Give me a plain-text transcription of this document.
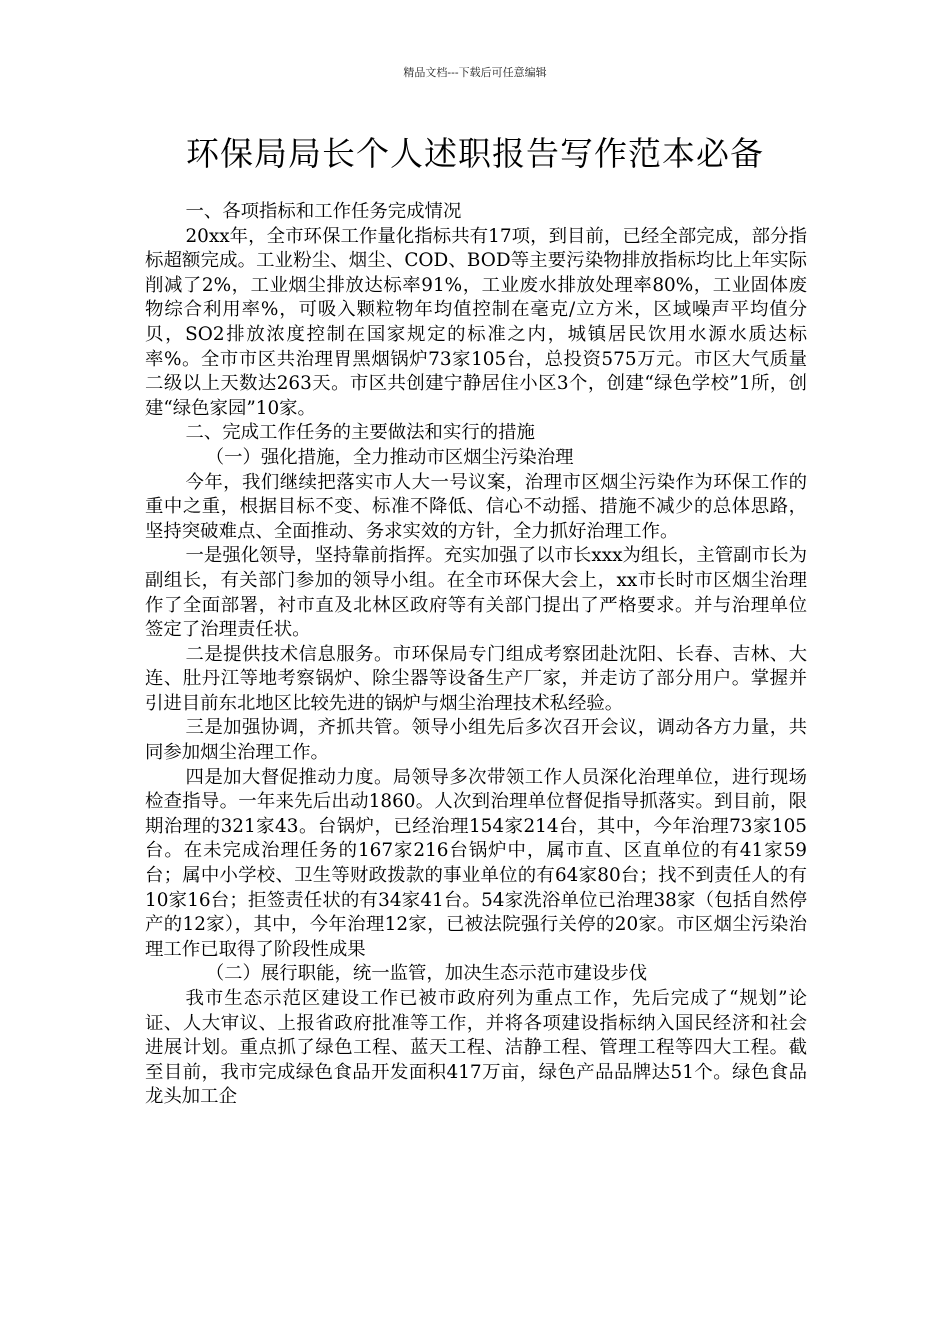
精品文档---下载后可任意编辑
环保局局长个人述职报告写作范本必备

一、各项指标和工作任务完成情况

20xx年，全市环保工作量化指标共有17项，到目前，已经全部完成，部分指标超额完成。工业粉尘、烟尘、COD、BOD等主要污染物排放指标均比上年实际削减了2%，工业烟尘排放达标率91%，工业废水排放处理率80%，工业固体废物综合利用率%，可吸入颗粒物年均值控制在毫克/立方米，区域噪声平均值分贝，SO2排放浓度控制在国家规定的标准之内，城镇居民饮用水源水质达标率%。全市市区共治理胃黑烟锅炉73家105台，总投资575万元。市区大气质量二级以上天数达263天。市区共创建宁静居住小区3个，创建“绿色学校”1所，创建“绿色家园”10家。

二、完成工作任务的主要做法和实行的措施

（一）强化措施，全力推动市区烟尘污染治理

今年，我们继续把落实市人大一号议案，治理市区烟尘污染作为环保工作的重中之重，根据目标不变、标准不降低、信心不动摇、措施不减少的总体思路，坚持突破难点、全面推动、务求实效的方针，全力抓好治理工作。

一是强化领导，坚持靠前指挥。充实加强了以市长xxx为组长，主管副市长为副组长，有关部门参加的领导小组。在全市环保大会上，xx市长时市区烟尘治理作了全面部署，衬市直及北林区政府等有关部门提出了严格要求。并与治理单位签定了治理责任状。

二是提供技术信息服务。市环保局专门组成考察团赴沈阳、长春、吉林、大连、肚丹江等地考察锅炉、除尘器等设备生产厂家，并走访了部分用户。掌握并引进目前东北地区比较先进的锅炉与烟尘治理技术私经验。

三是加强协调，齐抓共管。领导小组先后多次召开会议，调动各方力量，共同参加烟尘治理工作。

四是加大督促推动力度。局领导多次带领工作人员深化治理单位，进行现场检查指导。一年来先后出动1860。人次到治理单位督促指导抓落实。到目前，限期治理的321家43。台锅炉，已经治理154家214台，其中，今年治理73家105台。在未完成治理任务的167家216台锅炉中，属市直、区直单位的有41家59台；属中小学校、卫生等财政拨款的事业单位的有64家80台；找不到责任人的有10家16台；拒签责任状的有34家41台。54家洗浴单位已治理38家（包括自然停产的12家），其中，今年治理12家，已被法院强行关停的20家。市区烟尘污染治理工作已取得了阶段性成果

（二）展行职能，统一监管，加决生态示范市建设步伐

我市生态示范区建设工作已被市政府列为重点工作，先后完成了“规划”论证、人大审议、上报省政府批准等工作，并将各项建设指标纳入国民经济和社会进展计划。重点抓了绿色工程、蓝天工程、洁静工程、管理工程等四大工程。截至目前，我市完成绿色食品开发面积417万亩，绿色产品品牌达51个。绿色食品龙头加工企
